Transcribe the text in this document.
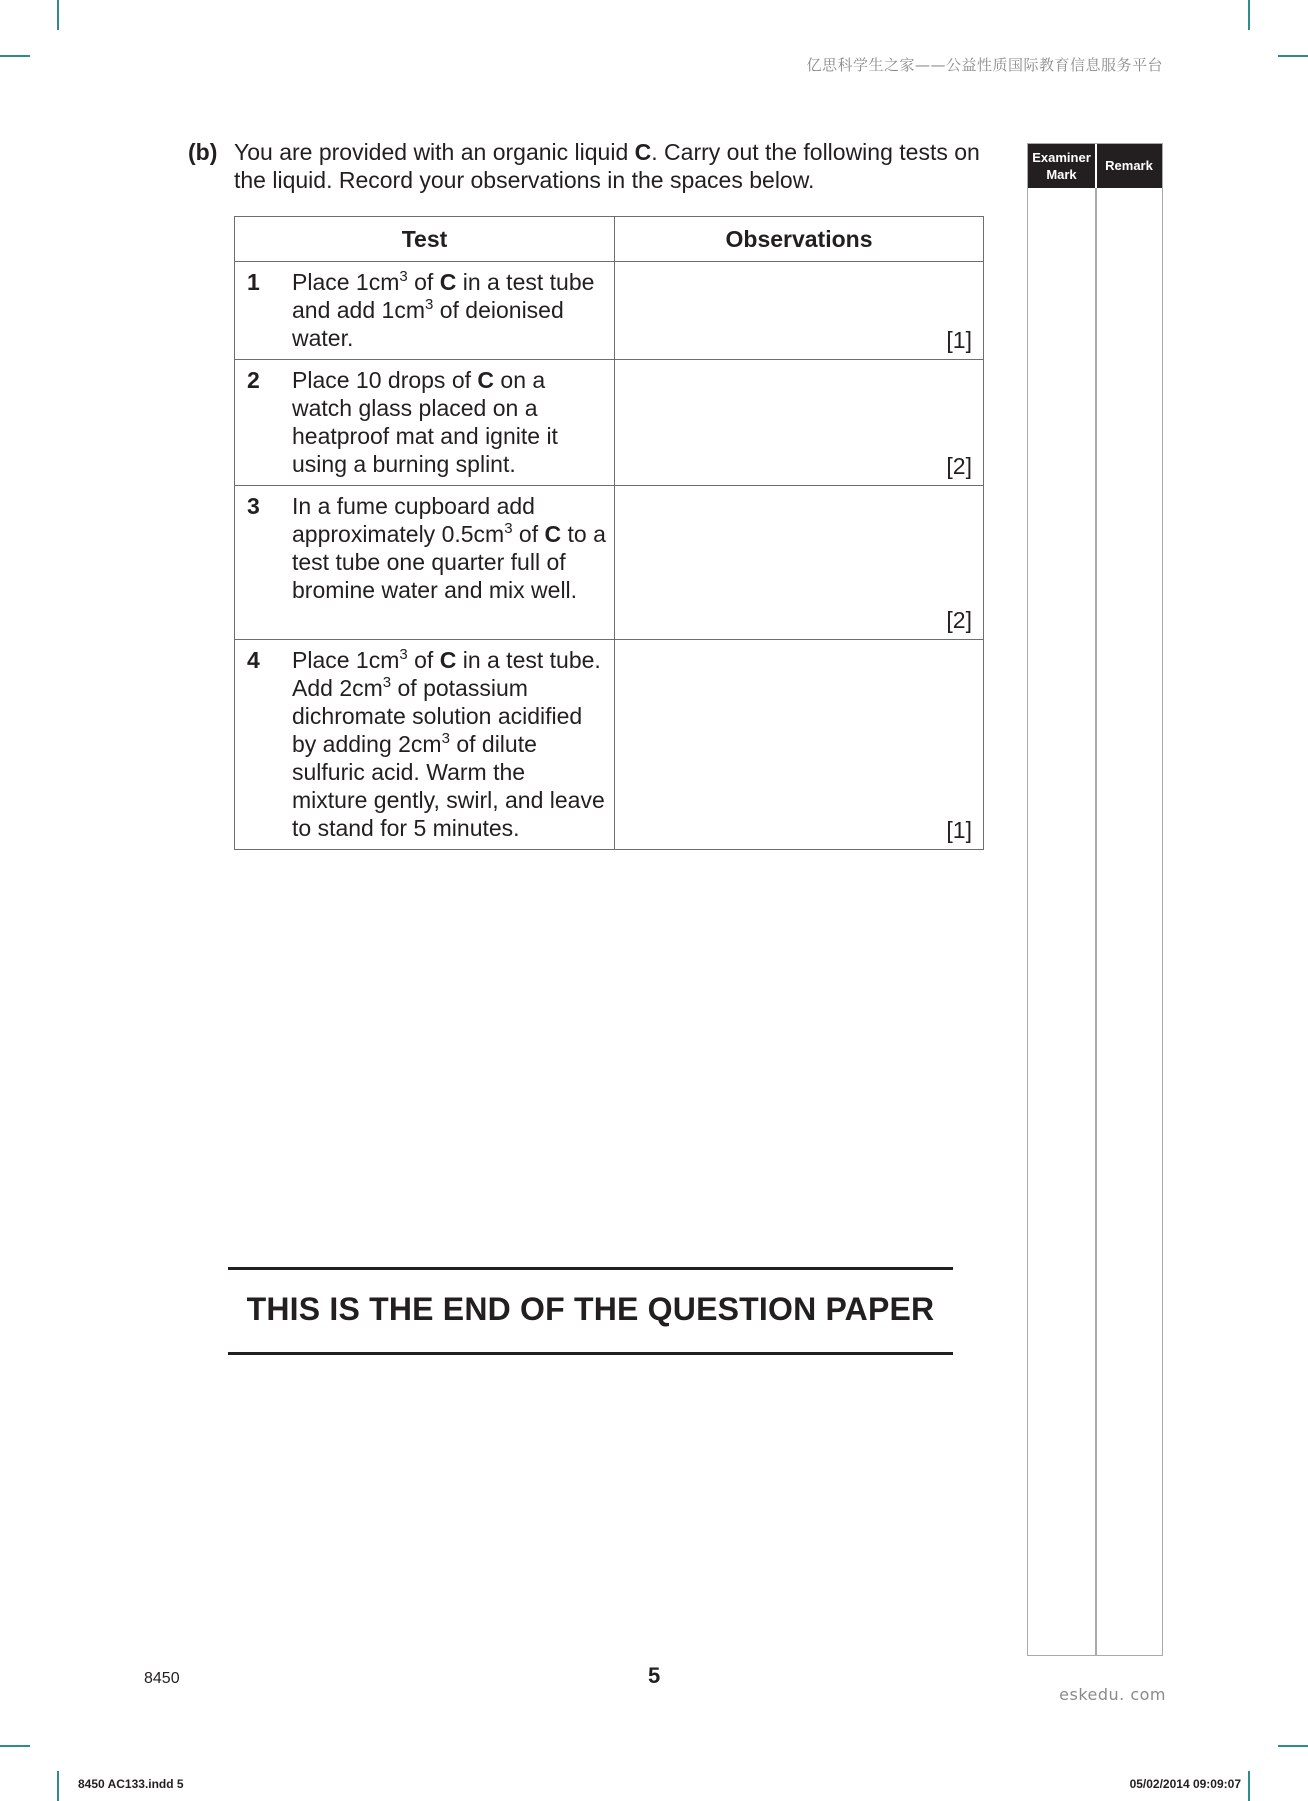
亿思科学生之家——公益性质国际教育信息服务平台
(b) You are provided with an organic liquid C. Carry out the following tests on the liquid. Record your observations in the spaces below.
Test	Observations

1 Place $1cm^3$ of C in a test tube and add $1cm^3$ of deionised water.	[1]

2 Place 10 drops of C on a watch glass placed on a heatproof mat and ignite it using a burning splint.	[2]

3 In a fume cupboard add approximately $0.5cm^3$ of C to a test tube one quarter full of bromine water and mix well.	[2]

4 Place $1cm^3$ of C in a test tube. Add $2cm^3$ of potassium dichromate solution acidified by adding $2cm^3$ of dilute sulfuric acid. Warm the mixture gently, swirl, and leave to stand for 5 minutes.	[1]
THIS IS THE END OF THE QUESTION PAPER
Examiner
Mark
Remark
8450	5
eskedu. com
8450 AC133.indd 5	05/02/2014 09:09:07
